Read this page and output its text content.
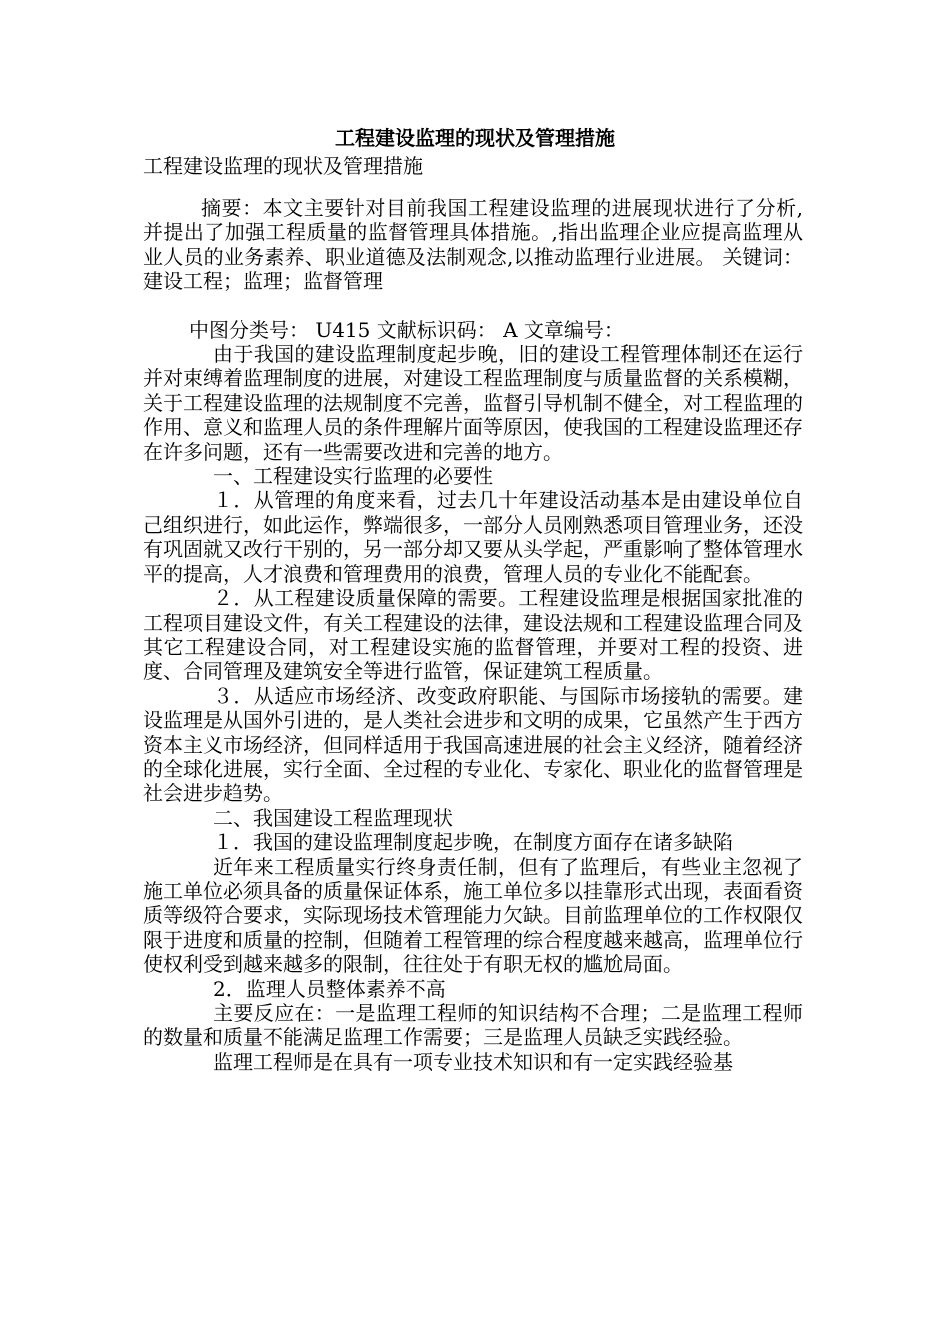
工程建设监理的现状及管理措施
工程建设监理的现状及管理措施

摘要：本文主要针对目前我国工程建设监理的进展现状进行了分析,并提出了加强工程质量的监督管理具体措施。,指出监理企业应提高监理从业人员的业务素养、职业道德及法制观念,以推动监理行业进展。 关键词：建设工程；监理；监督管理

中图分类号： U415 文献标识码： A 文章编号：

由于我国的建设监理制度起步晚，旧的建设工程管理体制还在运行并对束缚着监理制度的进展，对建设工程监理制度与质量监督的关系模糊，关于工程建设监理的法规制度不完善，监督引导机制不健全，对工程监理的作用、意义和监理人员的条件理解片面等原因，使我国的工程建设监理还存在许多问题，还有一些需要改进和完善的地方。

一、工程建设实行监理的必要性

１．从管理的角度来看，过去几十年建设活动基本是由建设单位自己组织进行，如此运作，弊端很多，一部分人员刚熟悉项目管理业务，还没有巩固就又改行干别的，另一部分却又要从头学起，严重影响了整体管理水平的提高，人才浪费和管理费用的浪费，管理人员的专业化不能配套。

２．从工程建设质量保障的需要。工程建设监理是根据国家批准的工程项目建设文件，有关工程建设的法律，建设法规和工程建设监理合同及其它工程建设合同，对工程建设实施的监督管理，并要对工程的投资、进度、合同管理及建筑安全等进行监管，保证建筑工程质量。

３．从适应市场经济、改变政府职能、与国际市场接轨的需要。建设监理是从国外引进的，是人类社会进步和文明的成果，它虽然产生于西方资本主义市场经济，但同样适用于我国高速进展的社会主义经济，随着经济的全球化进展，实行全面、全过程的专业化、专家化、职业化的监督管理是社会进步趋势。

二、我国建设工程监理现状

１．我国的建设监理制度起步晚，在制度方面存在诸多缺陷

近年来工程质量实行终身责任制，但有了监理后，有些业主忽视了施工单位必须具备的质量保证体系，施工单位多以挂靠形式出现，表面看资质等级符合要求，实际现场技术管理能力欠缺。目前监理单位的工作权限仅限于进度和质量的控制，但随着工程管理的综合程度越来越高，监理单位行使权利受到越来越多的限制，往往处于有职无权的尴尬局面。

2．监理人员整体素养不高

主要反应在：一是监理工程师的知识结构不合理；二是监理工程师的数量和质量不能满足监理工作需要；三是监理人员缺乏实践经验。

监理工程师是在具有一项专业技术知识和有一定实践经验基
